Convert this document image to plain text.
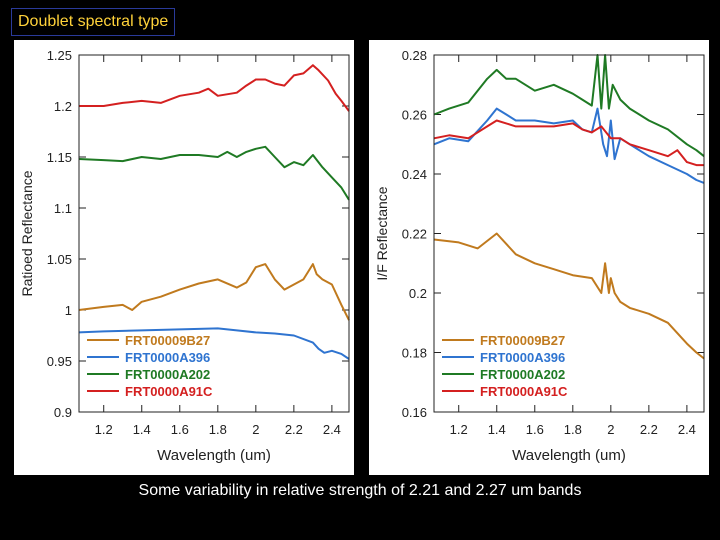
Doublet spectral type
Ratioed Reflectance
0.9
0.95
1
1.05
1.1
1.15
1.2
1.25
1.2 1.4 1.6 1.8 2 2.2 2.4
Wavelength (um)
FRT00009B27
FRT0000A396
FRT0000A202
FRT0000A91C
I/F Reflectance
0.16
0.18
0.2
0.22
0.24
0.26
0.28
1.2 1.4 1.6 1.8 2 2.2 2.4
Wavelength (um)
FRT00009B27
FRT0000A396
FRT0000A202
FRT0000A91C
Some variability in relative strength of 2.21 and 2.27 um bands
